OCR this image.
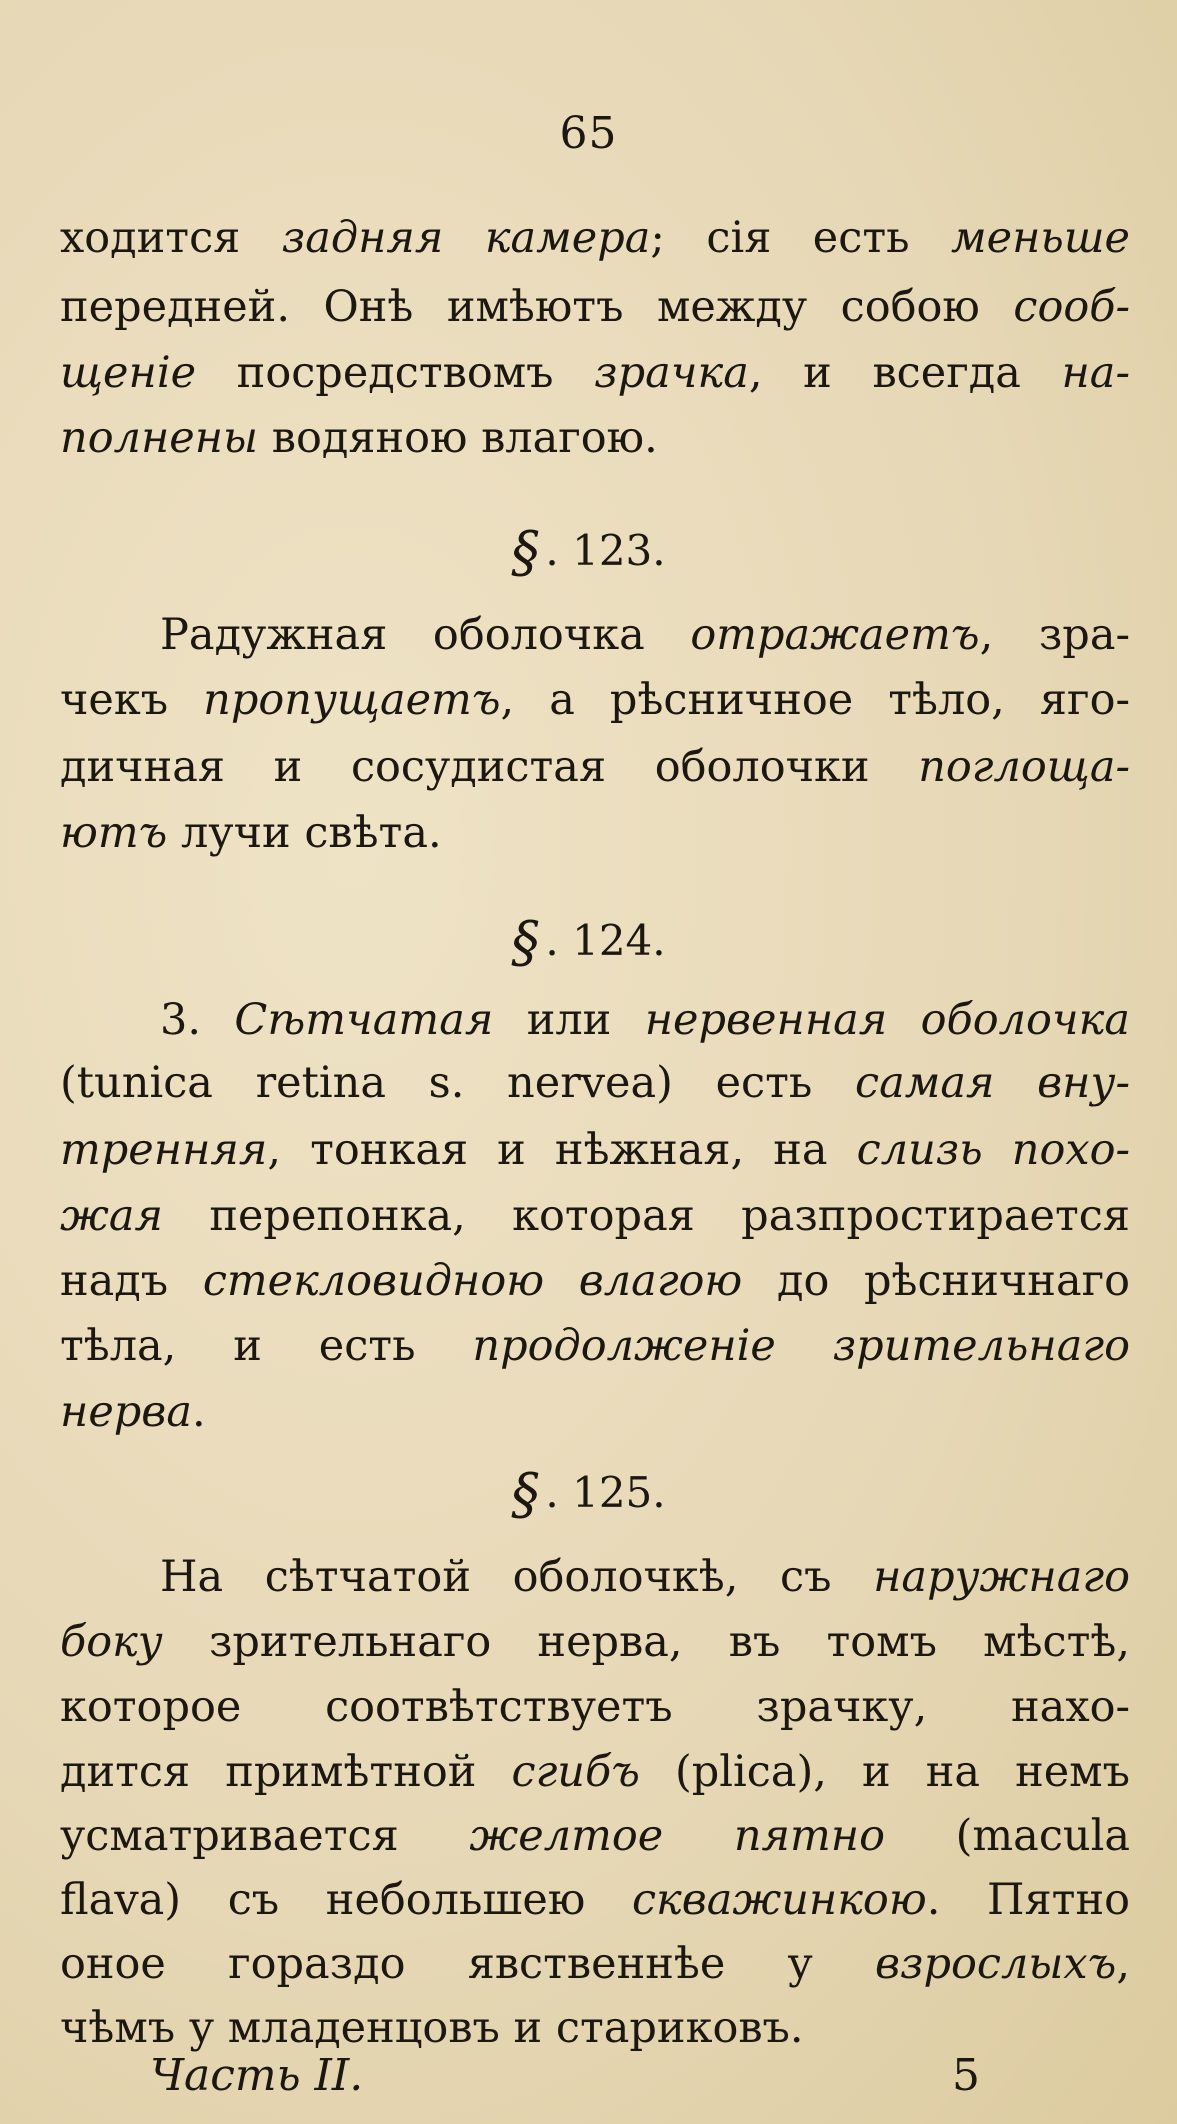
65
ходится задняя камера; сія есть меньше
передней. Онѣ имѣютъ между собою сооб-
щеніе посредствомъ зрачка, и всегда на-
полнены водяною влагою.
§ . 123.
Радужная оболочка отражаетъ, зра-
чекъ пропущаетъ, а рѣсничное тѣло, яго-
дичная и сосудистая оболочки поглоща-
ютъ лучи свѣта.
§ . 124.
3. Сѣтчатая или нервенная оболочка
(tunica retina s. nervea) есть самая вну-
тренняя, тонкая и нѣжная, на слизь похо-
жая перепонка, которая разпростирается
надъ стекловидною влагою до рѣсничнаго
тѣла, и есть продолженіе зрительнаго
нерва.
§ . 125.
На сѣтчатой оболочкѣ, съ наружнаго
боку зрительнаго нерва, въ томъ мѣстѣ,
которое соотвѣтствуетъ зрачку, нахо-
дится примѣтной сгибъ (plica), и на немъ
усматривается желтое пятно (macula
flava) съ небольшею скважинкою. Пятно
оное гораздо явственнѣе у взрослыхъ,
чѣмъ у младенцовъ и стариковъ.
Часть II.	5
